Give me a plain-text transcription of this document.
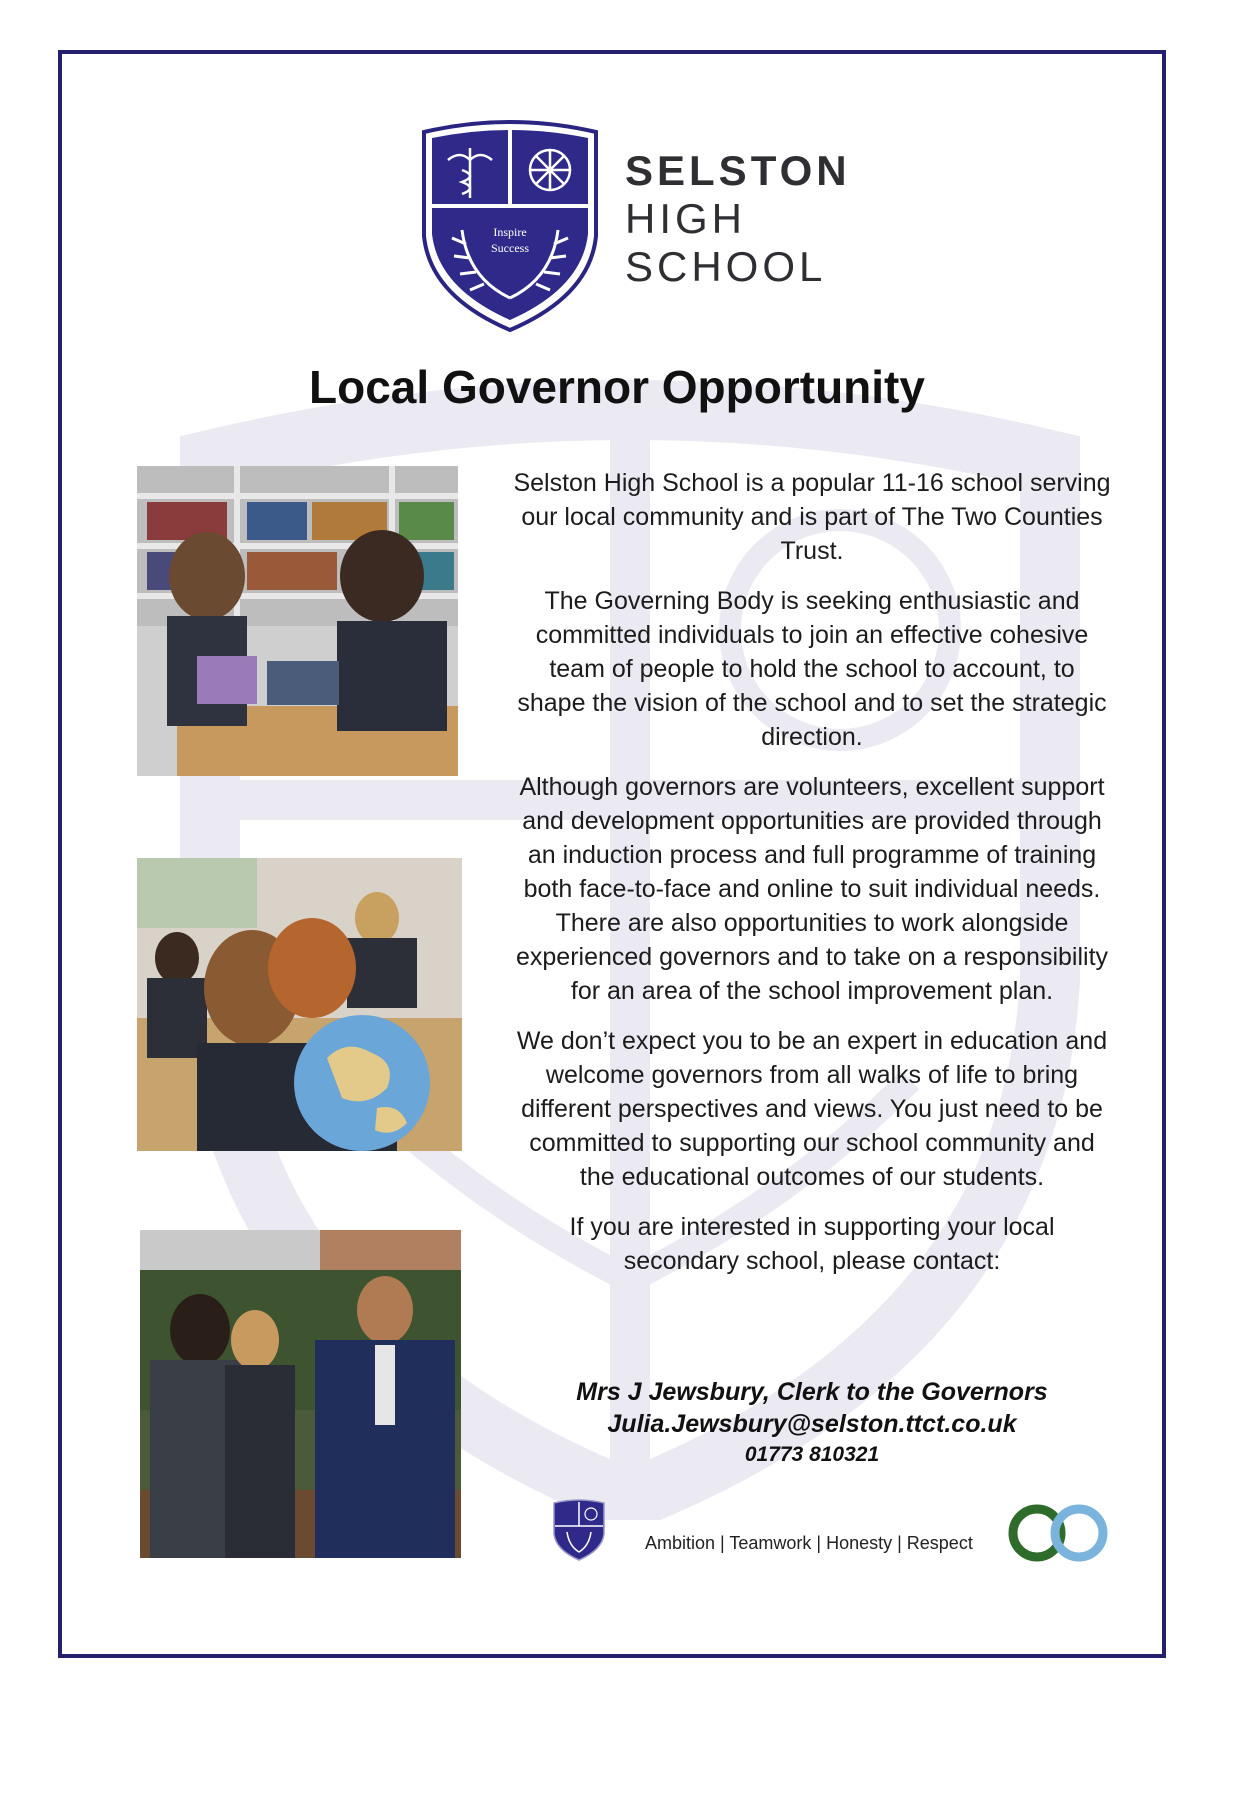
Inspire
Success
SELSTON
HIGH
SCHOOL
Local Governor Opportunity

Selston High School is a popular 11-16 school serving our local community and is part of The Two Counties Trust.

The Governing Body is seeking enthusiastic and committed individuals to join an effective cohesive team of people to hold the school to account, to shape the vision of the school and to set the strategic direction.

Although governors are volunteers, excellent support and development opportunities are provided through an induction process and full programme of training both face-to-face and online to suit individual needs. There are also opportunities to work alongside experienced governors and to take on a responsibility for an area of the school improvement plan.

We don’t expect you to be an expert in education and welcome governors from all walks of life to bring different perspectives and views. You just need to be committed to supporting our school community and the educational outcomes of our students.

If you are interested in supporting your local secondary school, please contact:

Mrs J Jewsbury, Clerk to the Governors
Julia.Jewsbury@selston.ttct.co.uk
01773 810321
Ambition | Teamwork | Honesty | Respect
